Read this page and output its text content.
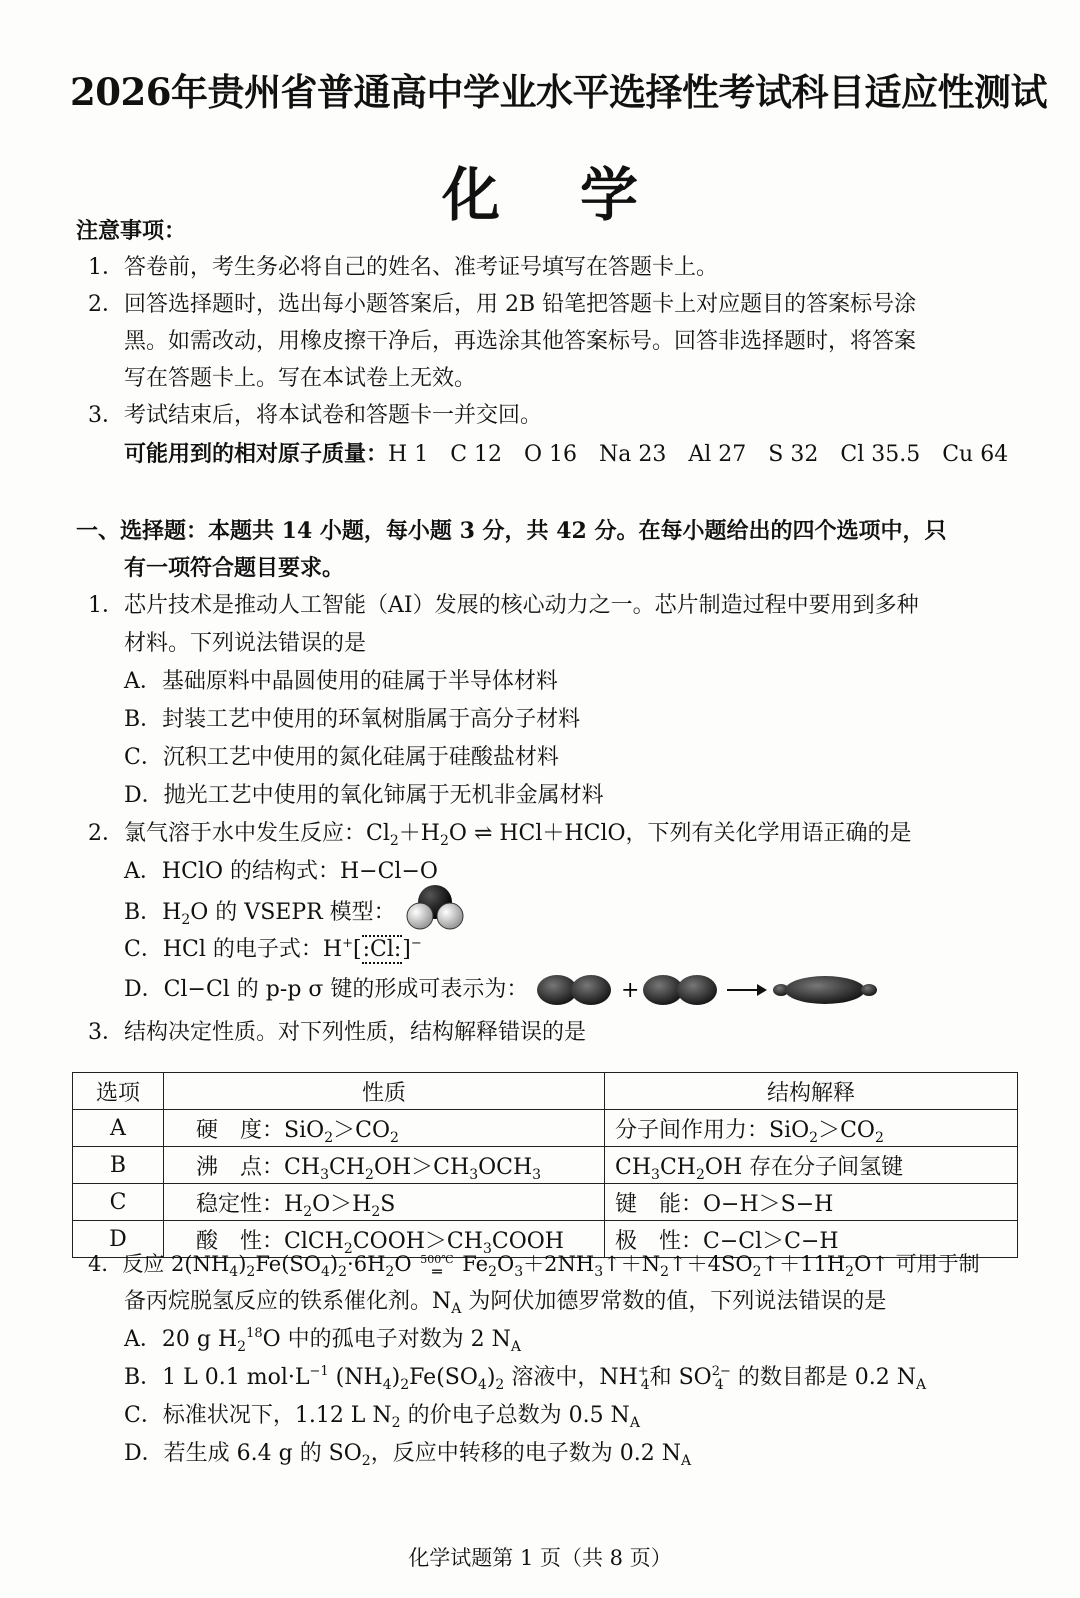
2026年贵州省普通高中学业水平选择性考试科目适应性测试
化学
注意事项：
1．答卷前，考生务必将自己的姓名、准考证号填写在答题卡上。
2．回答选择题时，选出每小题答案后，用 2B 铅笔把答题卡上对应题目的答案标号涂
黑。如需改动，用橡皮擦干净后，再选涂其他答案标号。回答非选择题时，将答案
写在答题卡上。写在本试卷上无效。
3．考试结束后，将本试卷和答题卡一并交回。
可能用到的相对原子质量：H 1　C 12　O 16　Na 23　Al 27　S 32　Cl 35.5　Cu 64
一、选择题：本题共 14 小题，每小题 3 分，共 42 分。在每小题给出的四个选项中，只
有一项符合题目要求。
1．芯片技术是推动人工智能（AI）发展的核心动力之一。芯片制造过程中要用到多种
材料。下列说法错误的是
A．基础原料中晶圆使用的硅属于半导体材料
B．封装工艺中使用的环氧树脂属于高分子材料
C．沉积工艺中使用的氮化硅属于硅酸盐材料
D．抛光工艺中使用的氧化铈属于无机非金属材料
2．氯气溶于水中发生反应：$Cl_2+H_2O$ ⇌ HCl＋HClO，下列有关化学用语正确的是
A．HClO 的结构式：H−Cl−O
B．$H_2O$ 的 VSEPR 模型：
C．HCl 的电子式：H+[:Cl:]−
D．Cl−Cl 的 p-p σ 键的形成可表示为：	+
3．结构决定性质。对下列性质，结构解释错误的是
选项	性质	结构解释
A	　硬　度：$SiO_2>CO_2$	分子间作用力：$SiO_2>CO_2$
B	　沸　点：$CH_3CH_2OH>CH_3OCH_3$	$CH_3CH_2OH$ 存在分子间氢键
C	　稳定性：$H_2O>H_2S$	键　能：O−H＞S−H
D	　酸　性：$ClCH_2COOH>CH_3COOH$	极　性：C−Cl＞C−H
4．反应 $2(NH_4)_2Fe(SO_4)_2\cdot 6H_2O$ 500℃
═ $Fe_2O_3+2NH_3↑+N_2↑+4SO_2↑+11H_2O↑$ 可用于制
备丙烷脱氢反应的铁系催化剂。$N_A$ 为阿伏加德罗常数的值，下列说法错误的是
A．20 g $H_2^{18}O$ 中的孤电子对数为 2 $N_A$
B．1 L 0.1 $mol\cdot L^{-1}$ $(NH_4)_2Fe(SO_4)_2$ 溶液中，$NH^+_4$和 $SO^{2-}_4$ 的数目都是 0.2 $N_A$
C．标准状况下，1.12 L $N_2$ 的价电子总数为 0.5 $N_A$
D．若生成 6.4 g 的 $SO_2$，反应中转移的电子数为 0.2 $N_A$
化学试题第 1 页（共 8 页）
